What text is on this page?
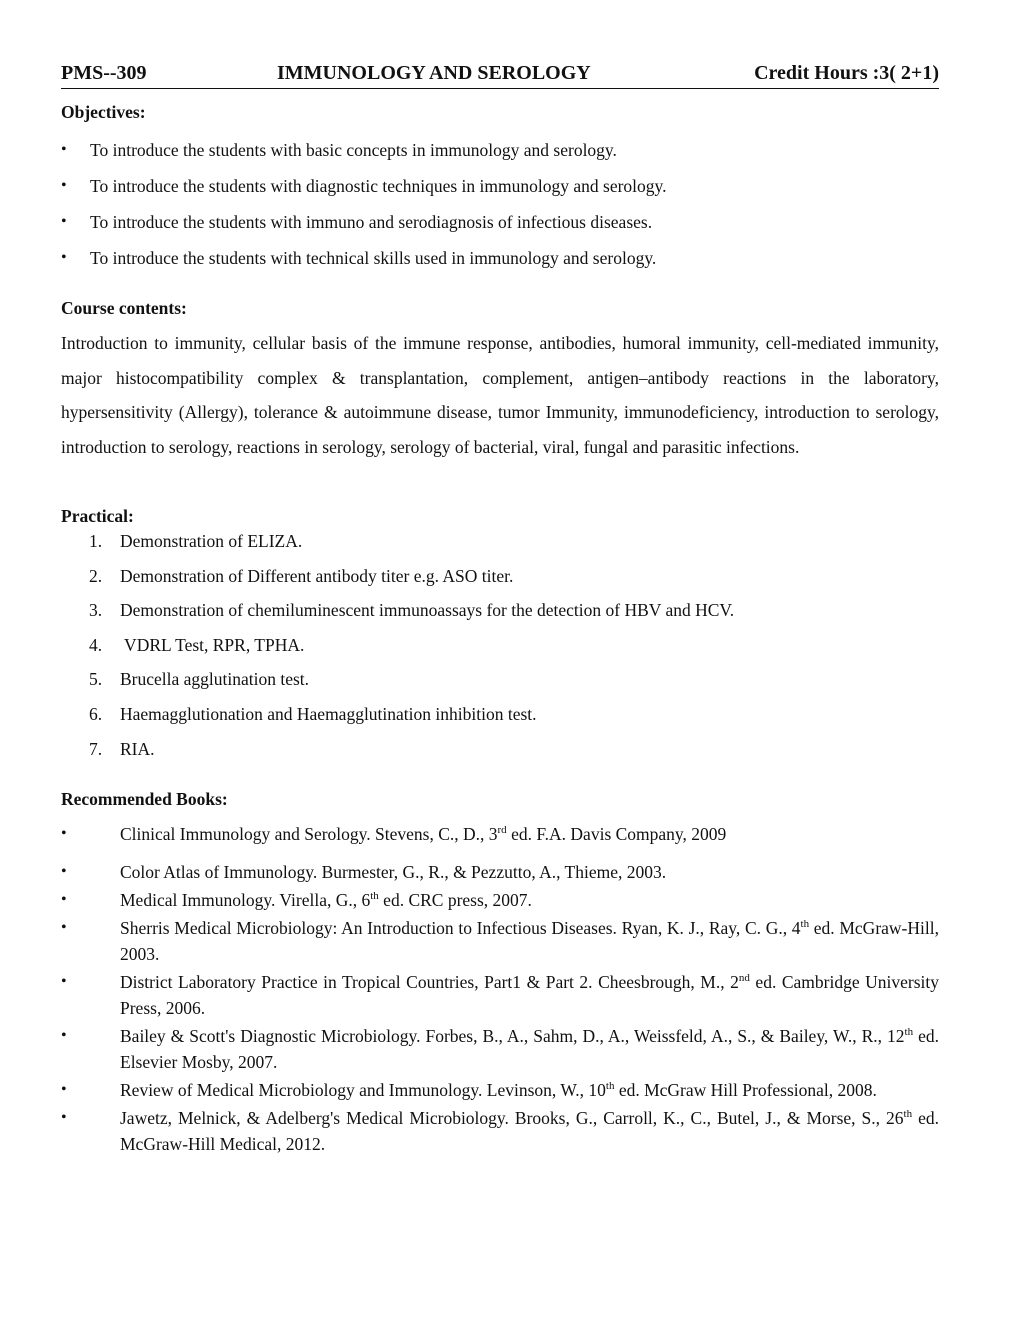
PMS--309	IMMUNOLOGY AND SEROLOGY	Credit Hours :3( 2+1)
Objectives:
• To introduce the students with basic concepts in immunology and serology.
• To introduce the students with diagnostic techniques in immunology and serology.
• To introduce the students with immuno and serodiagnosis of infectious diseases.
• To introduce the students with technical skills used in immunology and serology.
Course contents:

Introduction to immunity, cellular basis of the immune response, antibodies, humoral immunity, cell-mediated immunity, major histocompatibility complex & transplantation, complement, antigen–antibody reactions in the laboratory, hypersensitivity (Allergy), tolerance & autoimmune disease, tumor Immunity, immunodeficiency, introduction to serology, introduction to serology, reactions in serology, serology of bacterial, viral, fungal and parasitic infections.

Practical:
1. Demonstration of ELIZA.
2. Demonstration of Different antibody titer e.g. ASO titer.
3. Demonstration of chemiluminescent immunoassays for the detection of HBV and HCV.
4. VDRL Test, RPR, TPHA.
5. Brucella agglutination test.
6. Haemagglutionation and Haemagglutination inhibition test.
7. RIA.
Recommended Books:
• Clinical Immunology and Serology. Stevens, C., D., 3rd ed. F.A. Davis Company, 2009
• Color Atlas of Immunology. Burmester, G., R., & Pezzutto, A., Thieme, 2003.
• Medical Immunology. Virella, G., 6th ed. CRC press, 2007.
• Sherris Medical Microbiology: An Introduction to Infectious Diseases. Ryan, K. J., Ray, C. G., 4th ed. McGraw-Hill, 2003.
• District Laboratory Practice in Tropical Countries, Part1 & Part 2. Cheesbrough, M., 2nd ed. Cambridge University Press, 2006.
• Bailey & Scott's Diagnostic Microbiology. Forbes, B., A., Sahm, D., A., Weissfeld, A., S., & Bailey, W., R., 12th ed. Elsevier Mosby, 2007.
• Review of Medical Microbiology and Immunology. Levinson, W., 10th ed. McGraw Hill Professional, 2008.
• Jawetz, Melnick, & Adelberg's Medical Microbiology. Brooks, G., Carroll, K., C., Butel, J., & Morse, S., 26th ed. McGraw-Hill Medical, 2012.
